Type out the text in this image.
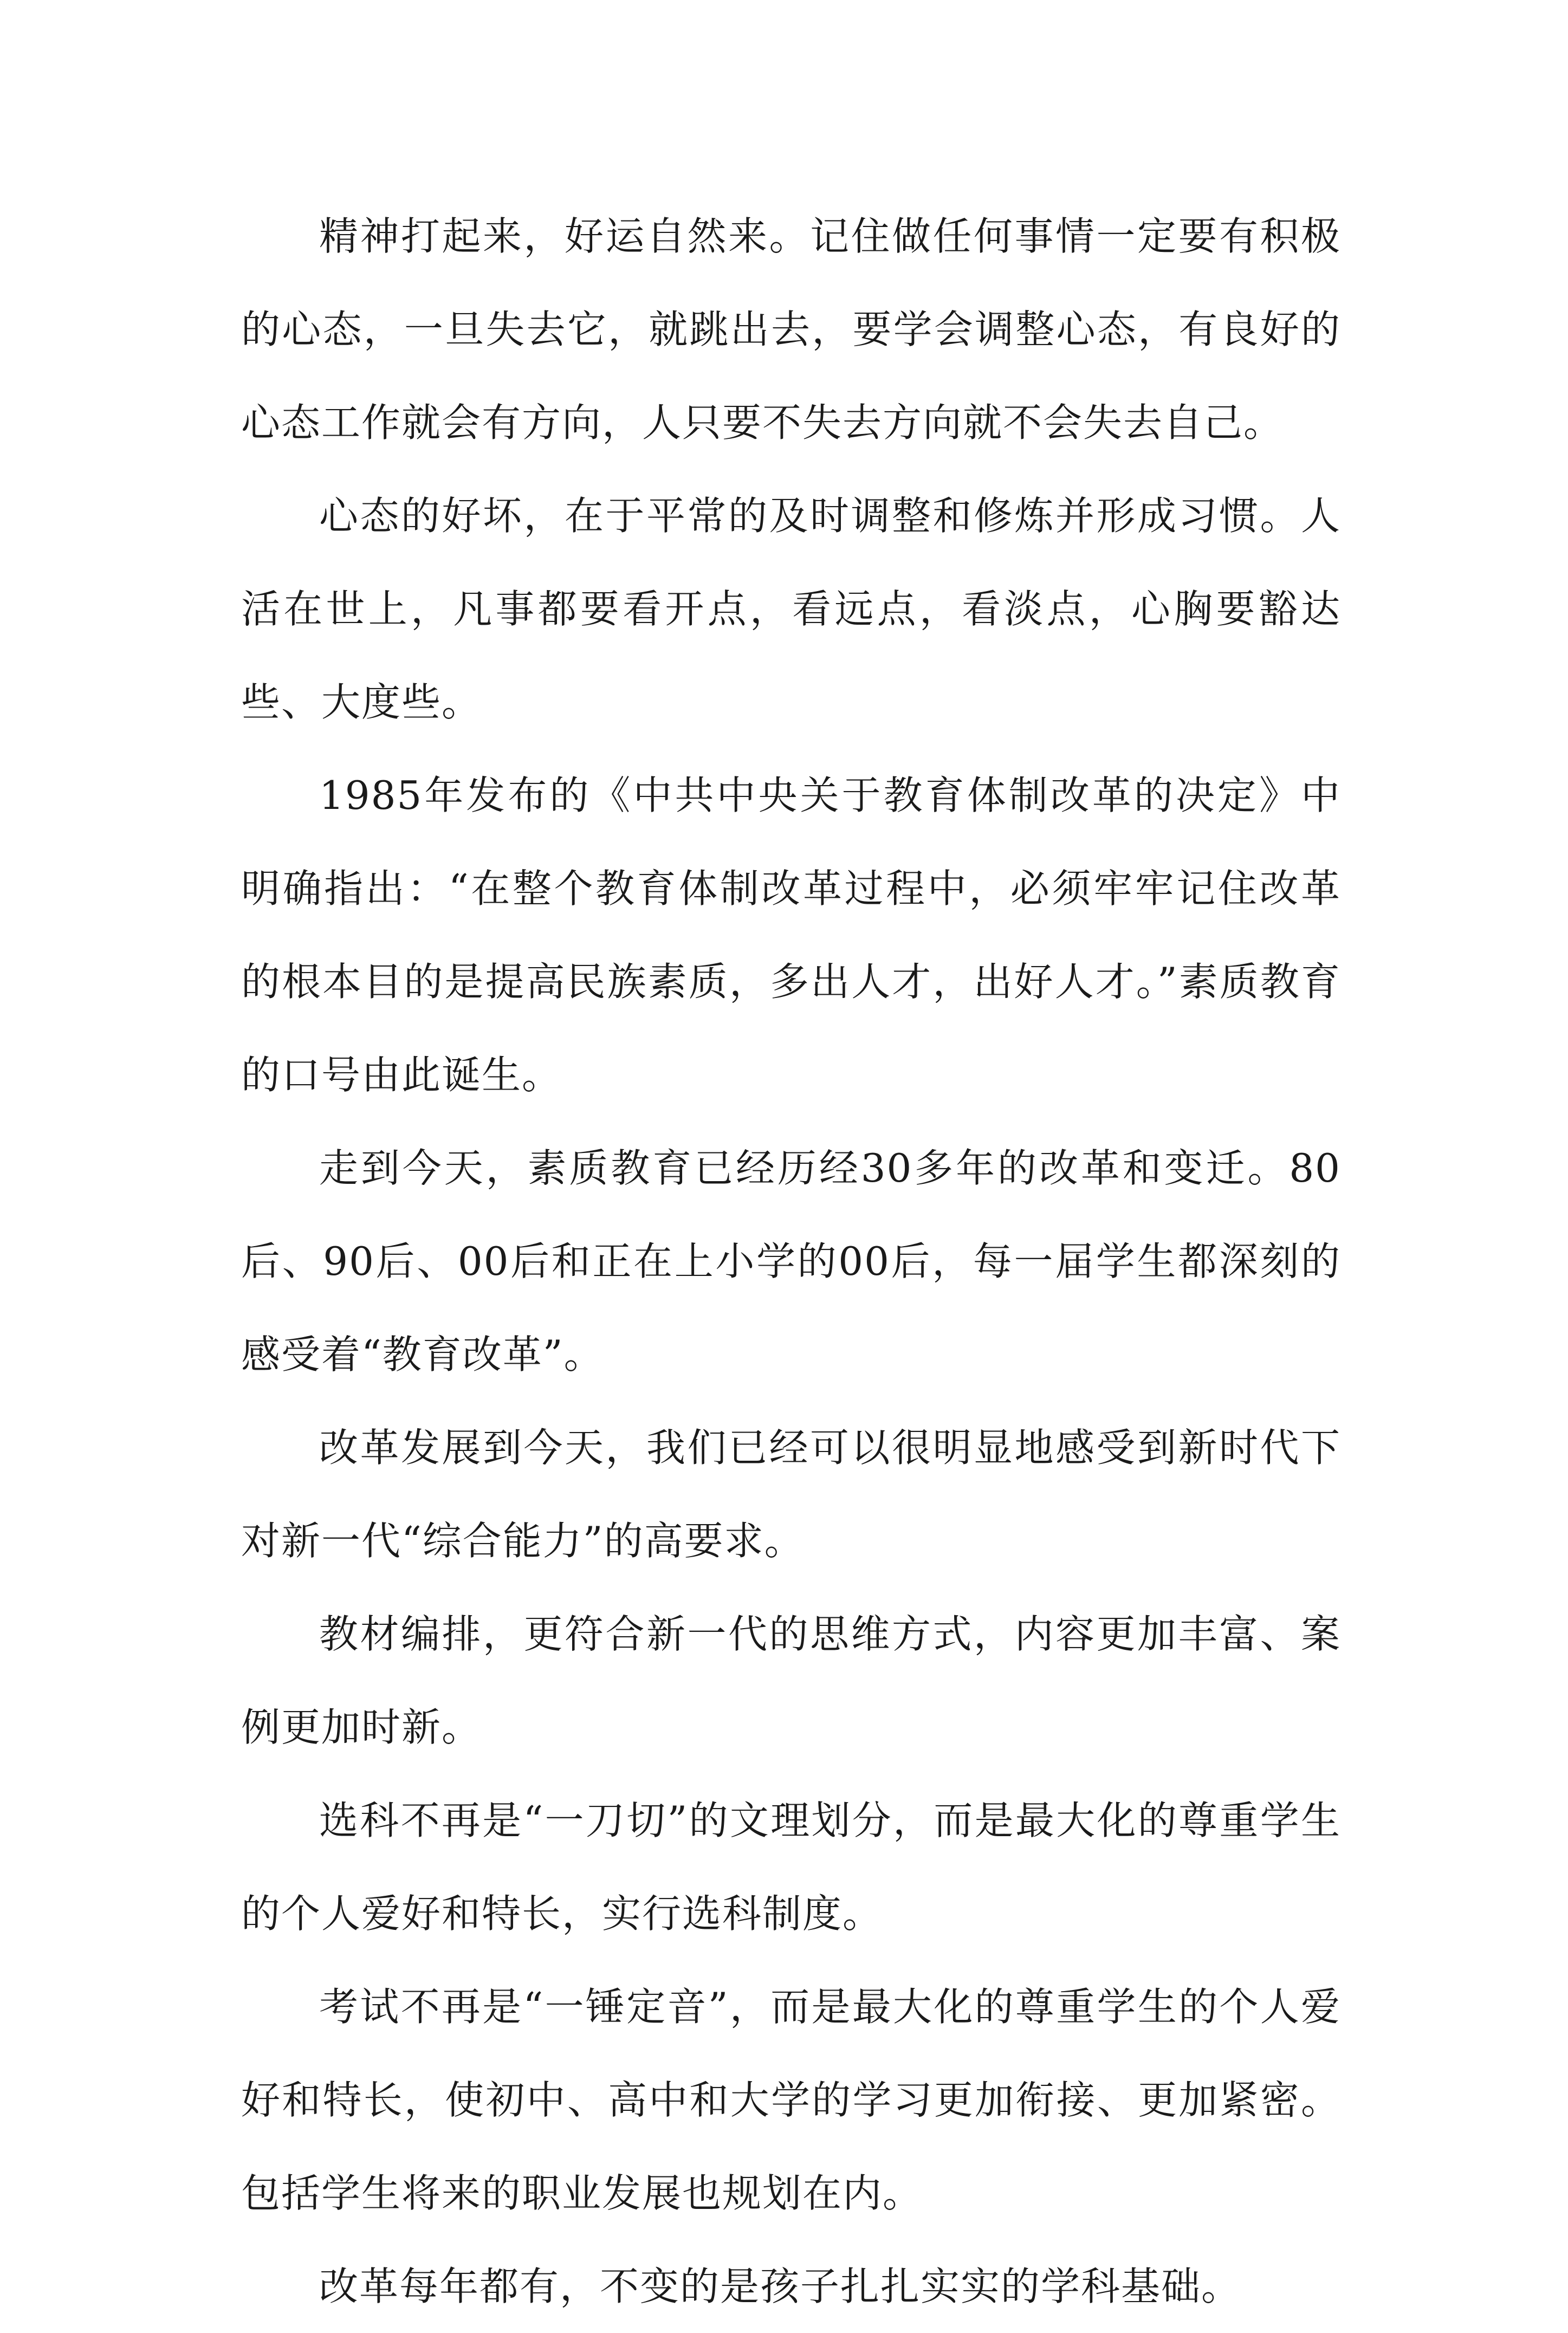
精神打起来，好运自然来。记住做任何事情一定要有积极的心态，一旦失去它，就跳出去，要学会调整心态，有良好的心态工作就会有方向，人只要不失去方向就不会失去自己。

心态的好坏，在于平常的及时调整和修炼并形成习惯。人活在世上，凡事都要看开点，看远点，看淡点，心胸要豁达些、大度些。

1985年发布的《中共中央关于教育体制改革的决定》中明确指出：“在整个教育体制改革过程中，必须牢牢记住改革的根本目的是提高民族素质，多出人才，出好人才。”素质教育的口号由此诞生。

走到今天，素质教育已经历经30多年的改革和变迁。80后、90后、00后和正在上小学的00后，每一届学生都深刻的感受着“教育改革”。

改革发展到今天，我们已经可以很明显地感受到新时代下对新一代“综合能力”的高要求。

教材编排，更符合新一代的思维方式，内容更加丰富、案例更加时新。

选科不再是“一刀切”的文理划分，而是最大化的尊重学生的个人爱好和特长，实行选科制度。

考试不再是“一锤定音”，而是最大化的尊重学生的个人爱好和特长，使初中、高中和大学的学习更加衔接、更加紧密。包括学生将来的职业发展也规划在内。

改革每年都有，不变的是孩子扎扎实实的学科基础。
